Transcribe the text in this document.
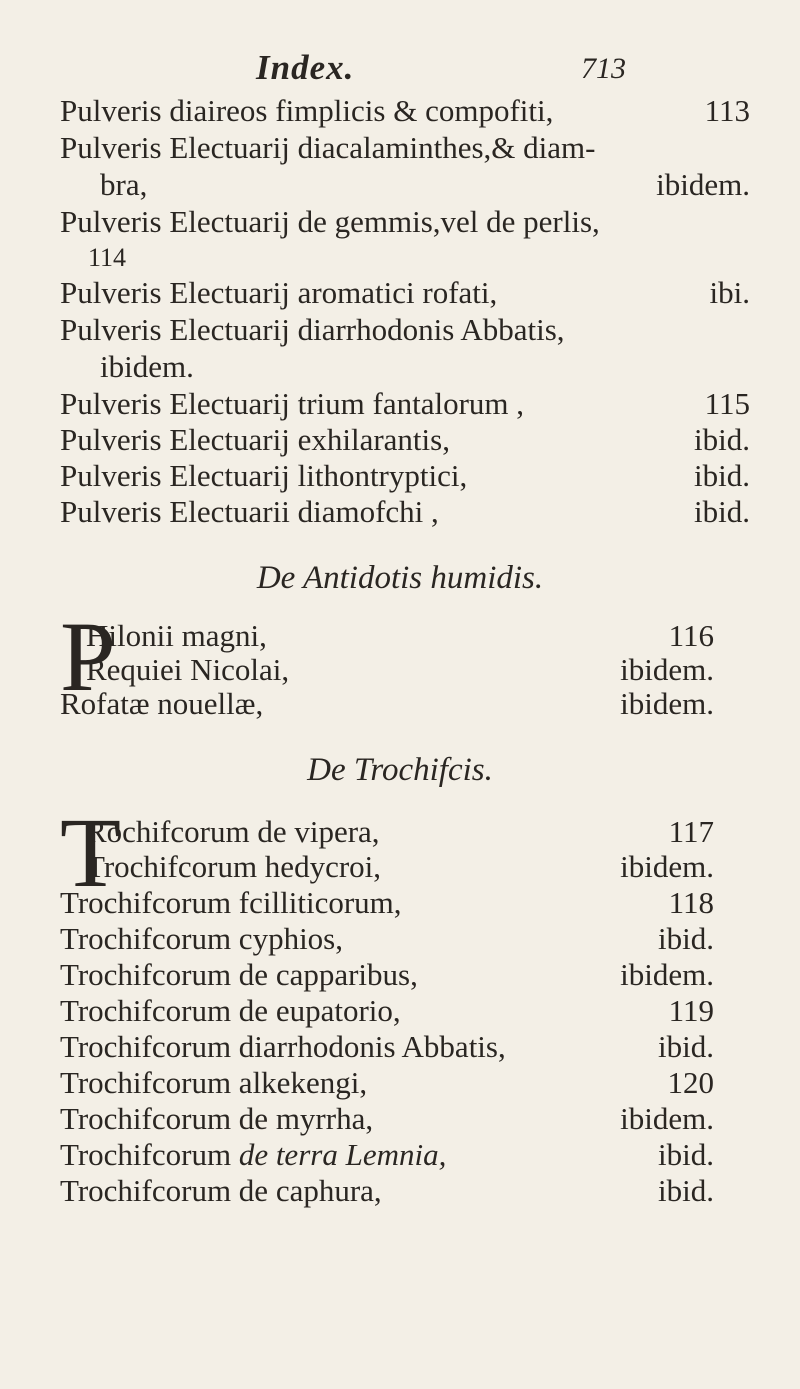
Index.	713
Pulveris diaireos fimplicis & compofiti,	113
Pulveris Electuarij diacalaminthes,& diam-
bra,	ibidem.
Pulveris Electuarij de gemmis,vel de perlis,
114
Pulveris Electuarij aromatici rofati,	ibi.
Pulveris Electuarij diarrhodonis Abbatis,
ibidem.
Pulveris Electuarij trium fantalorum ,	115
Pulveris Electuarij exhilarantis,	ibid.
Pulveris Electuarij lithontryptici,	ibid.
Pulveris Electuarii diamofchi ,	ibid.
De Antidotis humidis.
P
Hilonii magni,	116
Requiei Nicolai,	ibidem.
Rofatæ nouellæ,	ibidem.
De Trochifcis.
T
Rochifcorum de vipera,	117
Trochifcorum hedycroi,	ibidem.
Trochifcorum fcilliticorum,	118
Trochifcorum cyphios,	ibid.
Trochifcorum de capparibus,	ibidem.
Trochifcorum de eupatorio,	119
Trochifcorum diarrhodonis Abbatis,	ibid.
Trochifcorum alkekengi,	120
Trochifcorum de myrrha,	ibidem.
Trochifcorum de terra Lemnia,	ibid.
Trochifcorum de caphura,	ibid.
